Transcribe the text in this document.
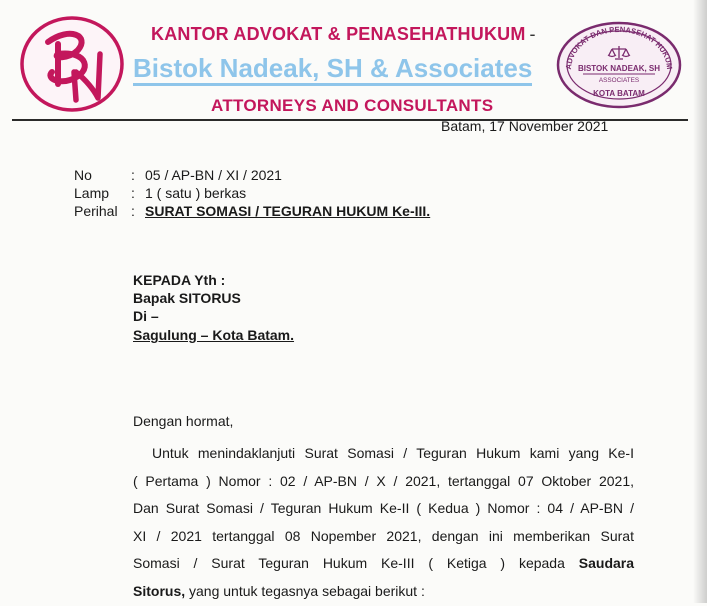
KANTOR ADVOKAT & PENASEHATHUKUM -
Bistok Nadeak, SH & Associates
ATTORNEYS AND CONSULTANTS
ADVOKAT DAN PENASEHAT HUKUM
BISTOK NADEAK, SH
ASSOCIATES
KOTA BATAM
Batam, 17 November 2021
No	: 05 / AP-BN / XI / 2021
Lamp : 1 ( satu ) berkas
Perihal : SURAT SOMASI / TEGURAN HUKUM Ke-III.
KEPADA Yth :
Bapak SITORUS
Di –
Sagulung – Kota Batam.
Dengan hormat,
Untuk menindaklanjuti Surat Somasi / Teguran Hukum kami yang Ke-I
( Pertama ) Nomor : 02 / AP-BN / X / 2021, tertanggal 07 Oktober 2021,
Dan Surat Somasi / Teguran Hukum Ke-II ( Kedua ) Nomor : 04 / AP-BN /
XI / 2021 tertanggal 08 Nopember 2021, dengan ini memberikan Surat
Somasi / Surat Teguran Hukum Ke-III ( Ketiga ) kepada Saudara
Sitorus, yang untuk tegasnya sebagai berikut :
